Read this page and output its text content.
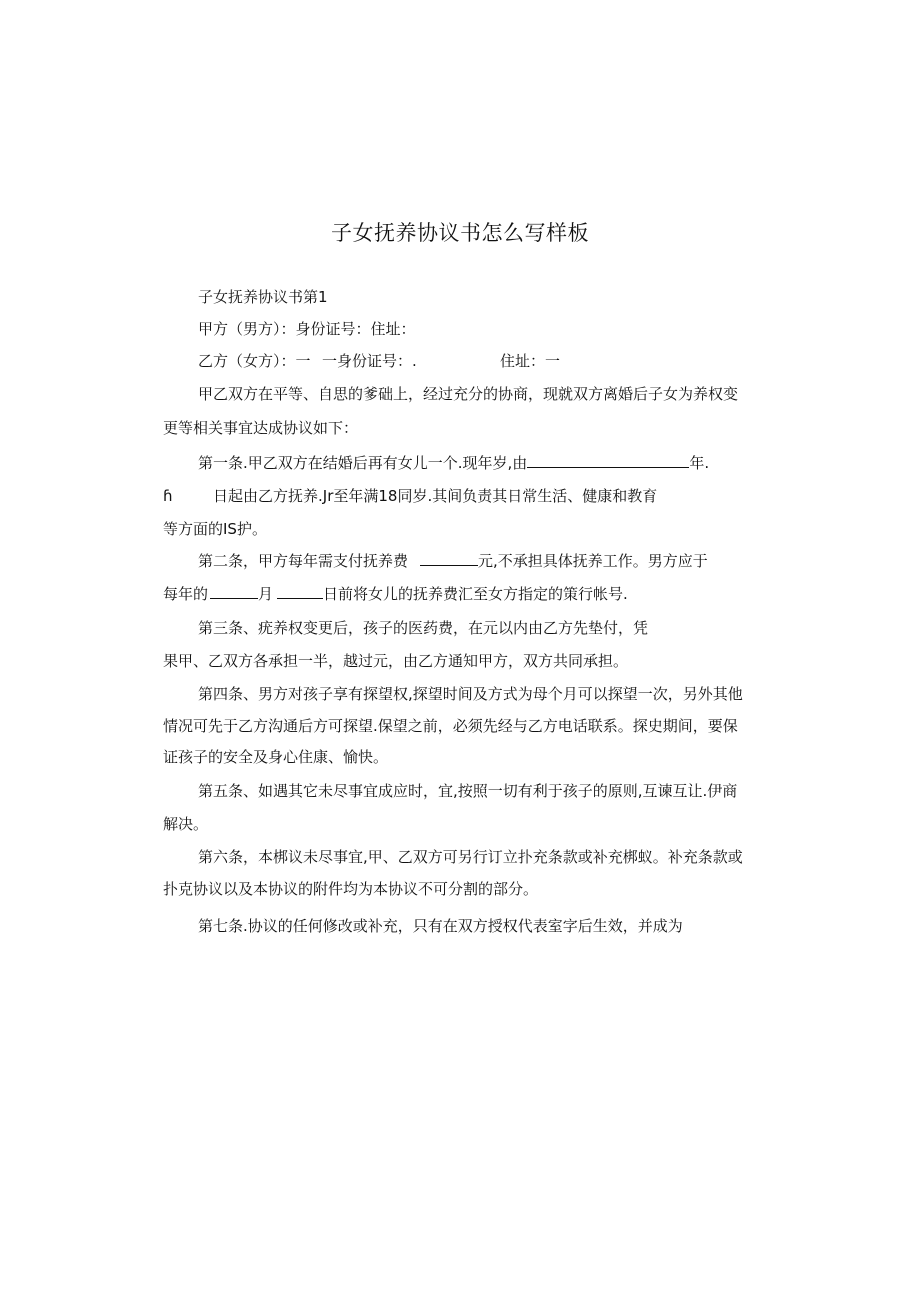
子女抚养协议书怎么写样板
子女抚养协议书第1
甲方（男方）：身份证号：住址：
乙方（女方）：一 一身份证号：.	住址：一
甲乙双方在平等、自思的爹础上，经过充分的协商，现就双方离婚后子女为养权变
更等相关事宜达成协议如下：
第一条.甲乙双方在结婚后再有女儿一个.现年岁,由	年.
ɦ	日起由乙方抚养.Jr至年满18同岁.其间负责其日常生活、健康和教育
等方面的IS护。
第二条，甲方每年需支付抚养费	元,不承担具体抚养工作。男方应于
每年的	月	日前将女儿的抚养费汇至女方指定的策行帐号.
第三条、疣养权变更后，孩子的医药费，在元以内由乙方先垫付，凭
果甲、乙双方各承担一半，越过元，由乙方通知甲方，双方共同承担。
第四条、男方对孩子享有探望权,探望时间及方式为母个月可以探望一次，另外其他
情况可先于乙方沟通后方可探望.保望之前，必须先经与乙方电话联系。探史期间，要保
证孩子的安全及身心住康、愉快。
第五条、如遇其它未尽事宜成应时，宜,按照一切有利于孩子的原则,互谏互让.伊商
解决。
第六条，本梆议未尽事宜,甲、乙双方可另行订立扑充条款或补充梆蚁。补充条款或
扑克协议以及本协议的附件均为本协议不可分割的部分。
第七条.协议的任何修改或补充，只有在双方授权代表室字后生效，并成为
